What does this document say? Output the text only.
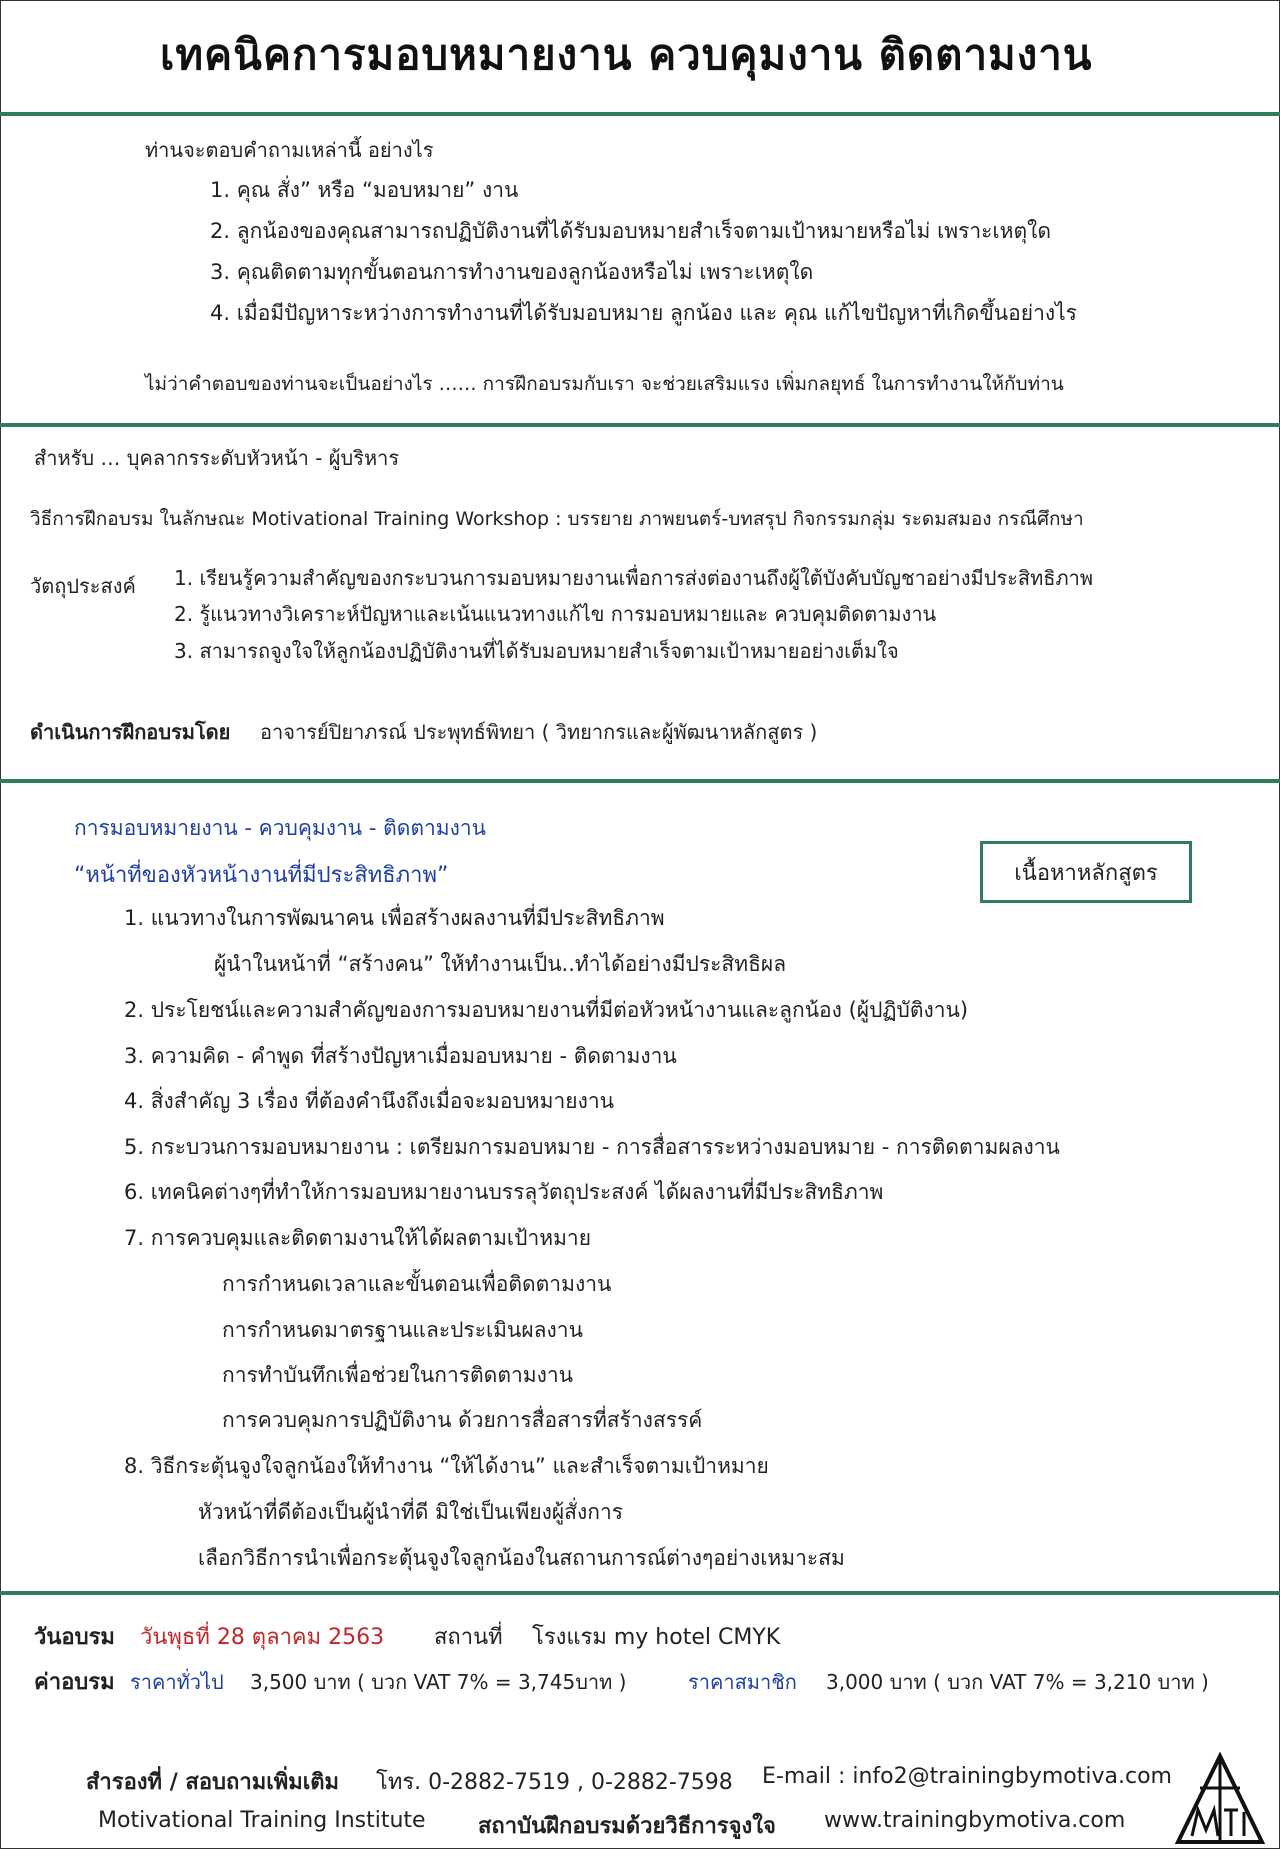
เทคนิคการมอบหมายงาน ควบคุมงาน ติดตามงาน
ท่านจะตอบคำถามเหล่านี้ อย่างไร
1. คุณ สั่ง” หรือ “มอบหมาย” งาน
2. ลูกน้องของคุณสามารถปฏิบัติงานที่ได้รับมอบหมายสำเร็จตามเป้าหมายหรือไม่ เพราะเหตุใด
3. คุณติดตามทุกขั้นตอนการทำงานของลูกน้องหรือไม่ เพราะเหตุใด
4. เมื่อมีปัญหาระหว่างการทำงานที่ได้รับมอบหมาย ลูกน้อง และ คุณ แก้ไขปัญหาที่เกิดขึ้นอย่างไร
ไม่ว่าคำตอบของท่านจะเป็นอย่างไร …… การฝึกอบรมกับเรา จะช่วยเสริมแรง เพิ่มกลยุทธ์ ในการทำงานให้กับท่าน
สำหรับ … บุคลากรระดับหัวหน้า - ผู้บริหาร
วิธีการฝึกอบรม ในลักษณะ Motivational Training Workshop : บรรยาย ภาพยนตร์-บทสรุป กิจกรรมกลุ่ม ระดมสมอง กรณีศึกษา
วัตถุประสงค์ 1. เรียนรู้ความสำคัญของกระบวนการมอบหมายงานเพื่อการส่งต่องานถึงผู้ใต้บังคับบัญชาอย่างมีประสิทธิภาพ
2. รู้แนวทางวิเคราะห์ปัญหาและเน้นแนวทางแก้ไข การมอบหมายและ ควบคุมติดตามงาน
3. สามารถจูงใจให้ลูกน้องปฏิบัติงานที่ได้รับมอบหมายสำเร็จตามเป้าหมายอย่างเต็มใจ
ดำเนินการฝึกอบรมโดย อาจารย์ปิยาภรณ์ ประพุทธ์พิทยา ( วิทยากรและผู้พัฒนาหลักสูตร )
การมอบหมายงาน - ควบคุมงาน - ติดตามงาน
“หน้าที่ของหัวหน้างานที่มีประสิทธิภาพ”	เนื้อหาหลักสูตร
1. แนวทางในการพัฒนาคน เพื่อสร้างผลงานที่มีประสิทธิภาพ
ผู้นำในหน้าที่ “สร้างคน” ให้ทำงานเป็น..ทำได้อย่างมีประสิทธิผล
2. ประโยชน์และความสำคัญของการมอบหมายงานที่มีต่อหัวหน้างานและลูกน้อง (ผู้ปฏิบัติงาน)
3. ความคิด - คำพูด ที่สร้างปัญหาเมื่อมอบหมาย - ติดตามงาน
4. สิ่งสำคัญ 3 เรื่อง ที่ต้องคำนึงถึงเมื่อจะมอบหมายงาน
5. กระบวนการมอบหมายงาน : เตรียมการมอบหมาย - การสื่อสารระหว่างมอบหมาย - การติดตามผลงาน
6. เทคนิคต่างๆที่ทำให้การมอบหมายงานบรรลุวัตถุประสงค์ ได้ผลงานที่มีประสิทธิภาพ
7. การควบคุมและติดตามงานให้ได้ผลตามเป้าหมาย
การกำหนดเวลาและขั้นตอนเพื่อติดตามงาน
การกำหนดมาตรฐานและประเมินผลงาน
การทำบันทึกเพื่อช่วยในการติดตามงาน
การควบคุมการปฏิบัติงาน ด้วยการสื่อสารที่สร้างสรรค์
8. วิธีกระตุ้นจูงใจลูกน้องให้ทำงาน “ให้ได้งาน” และสำเร็จตามเป้าหมาย
หัวหน้าที่ดีต้องเป็นผู้นำที่ดี มิใช่เป็นเพียงผู้สั่งการ
เลือกวิธีการนำเพื่อกระตุ้นจูงใจลูกน้องในสถานการณ์ต่างๆอย่างเหมาะสม
วันอบรม วันพุธที่ 28 ตุลาคม 2563 สถานที่ โรงแรม my hotel CMYK
ค่าอบรม ราคาทั่วไป 3,500 บาท ( บวก VAT 7% = 3,745บาท )	ราคาสมาชิก 3,000 บาท ( บวก VAT 7% = 3,210 บาท )
สำรองที่ / สอบถามเพิ่มเติม โทร. 0-2882-7519 , 0-2882-7598 E-mail : info2@trainingbymotiva.com
Motivational Training Institute สถาบันฝึกอบรมด้วยวิธีการจูงใจ www.trainingbymotiva.com
